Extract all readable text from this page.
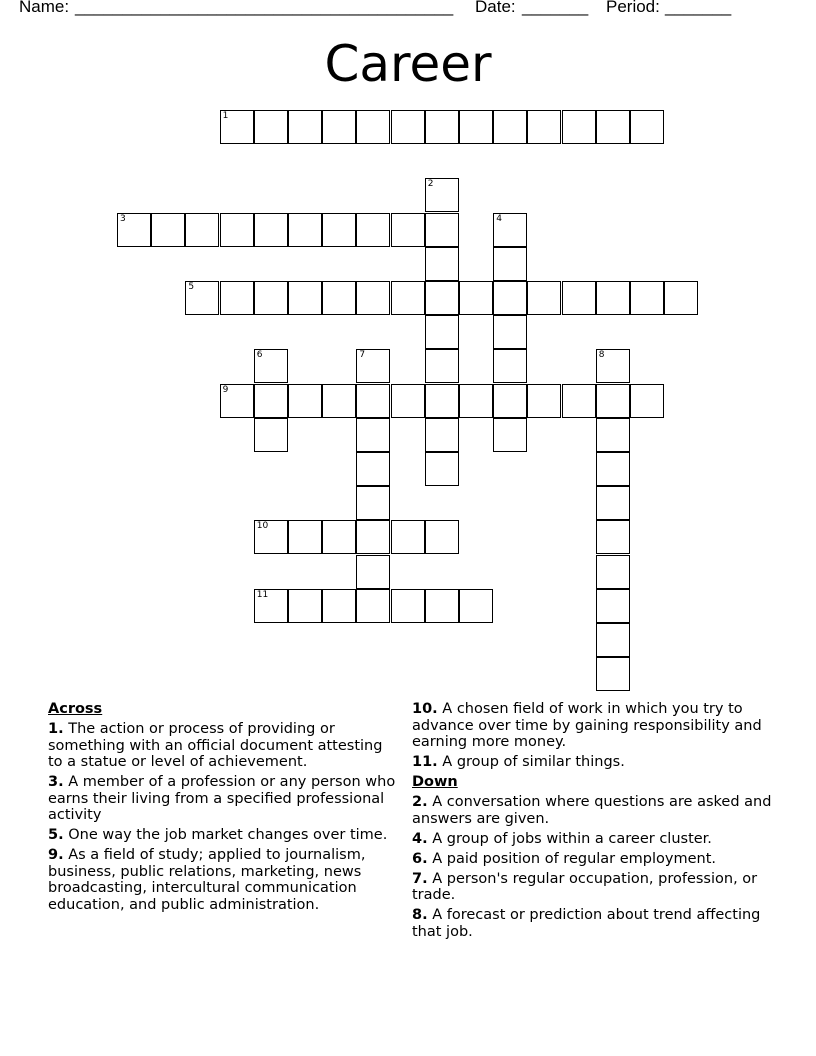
Name: ________________________________________ Date: _______ Period: _______
Career
1
3
5
9
10
11
2
4
6	7	8
Across
1. The action or process of providing or something with an official document attesting to a statue or level of achievement.
3. A member of a profession or any person who earns their living from a specified professional activity
5. One way the job market changes over time.
9. As a field of study; applied to journalism, business, public relations, marketing, news broadcasting, intercultural communication education, and public administration.
10. A chosen field of work in which you try to advance over time by gaining responsibility and earning more money.
11. A group of similar things.
Down
2. A conversation where questions are asked and answers are given.
4. A group of jobs within a career cluster.
6. A paid position of regular employment.
7. A person's regular occupation, profession, or trade.
8. A forecast or prediction about trend affecting that job.
